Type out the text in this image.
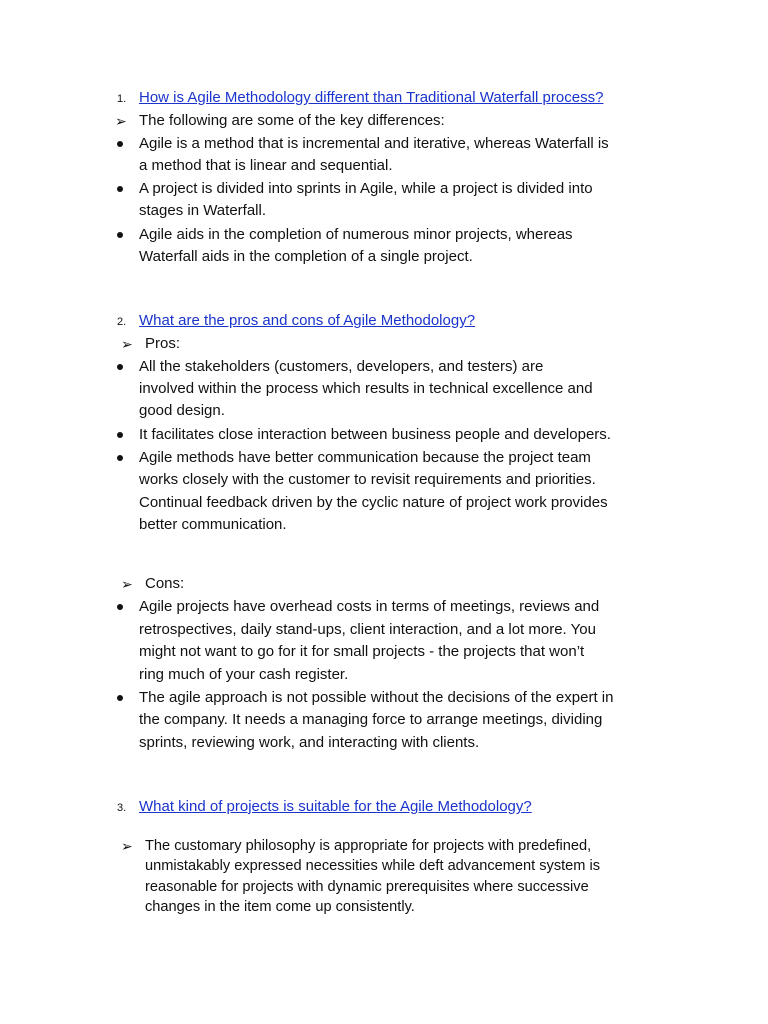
1. How is Agile Methodology different than Traditional Waterfall process?
➢ The following are some of the key differences:
Agile is a method that is incremental and iterative, whereas Waterfall is
a method that is linear and sequential.
A project is divided into sprints in Agile, while a project is divided into
stages in Waterfall.
Agile aids in the completion of numerous minor projects, whereas
Waterfall aids in the completion of a single project.
2. What are the pros and cons of Agile Methodology?
➢ Pros:
All the stakeholders (customers, developers, and testers) are
involved within the process which results in technical excellence and
good design.
It facilitates close interaction between business people and developers.
Agile methods have better communication because the project team
works closely with the customer to revisit requirements and priorities.
Continual feedback driven by the cyclic nature of project work provides
better communication.
➢ Cons:
Agile projects have overhead costs in terms of meetings, reviews and
retrospectives, daily stand-ups, client interaction, and a lot more. You
might not want to go for it for small projects - the projects that won’t
ring much of your cash register.
The agile approach is not possible without the decisions of the expert in
the company. It needs a managing force to arrange meetings, dividing
sprints, reviewing work, and interacting with clients.
3. What kind of projects is suitable for the Agile Methodology?
➢ The customary philosophy is appropriate for projects with predefined,
unmistakably expressed necessities while deft advancement system is
reasonable for projects with dynamic prerequisites where successive
changes in the item come up consistently.
